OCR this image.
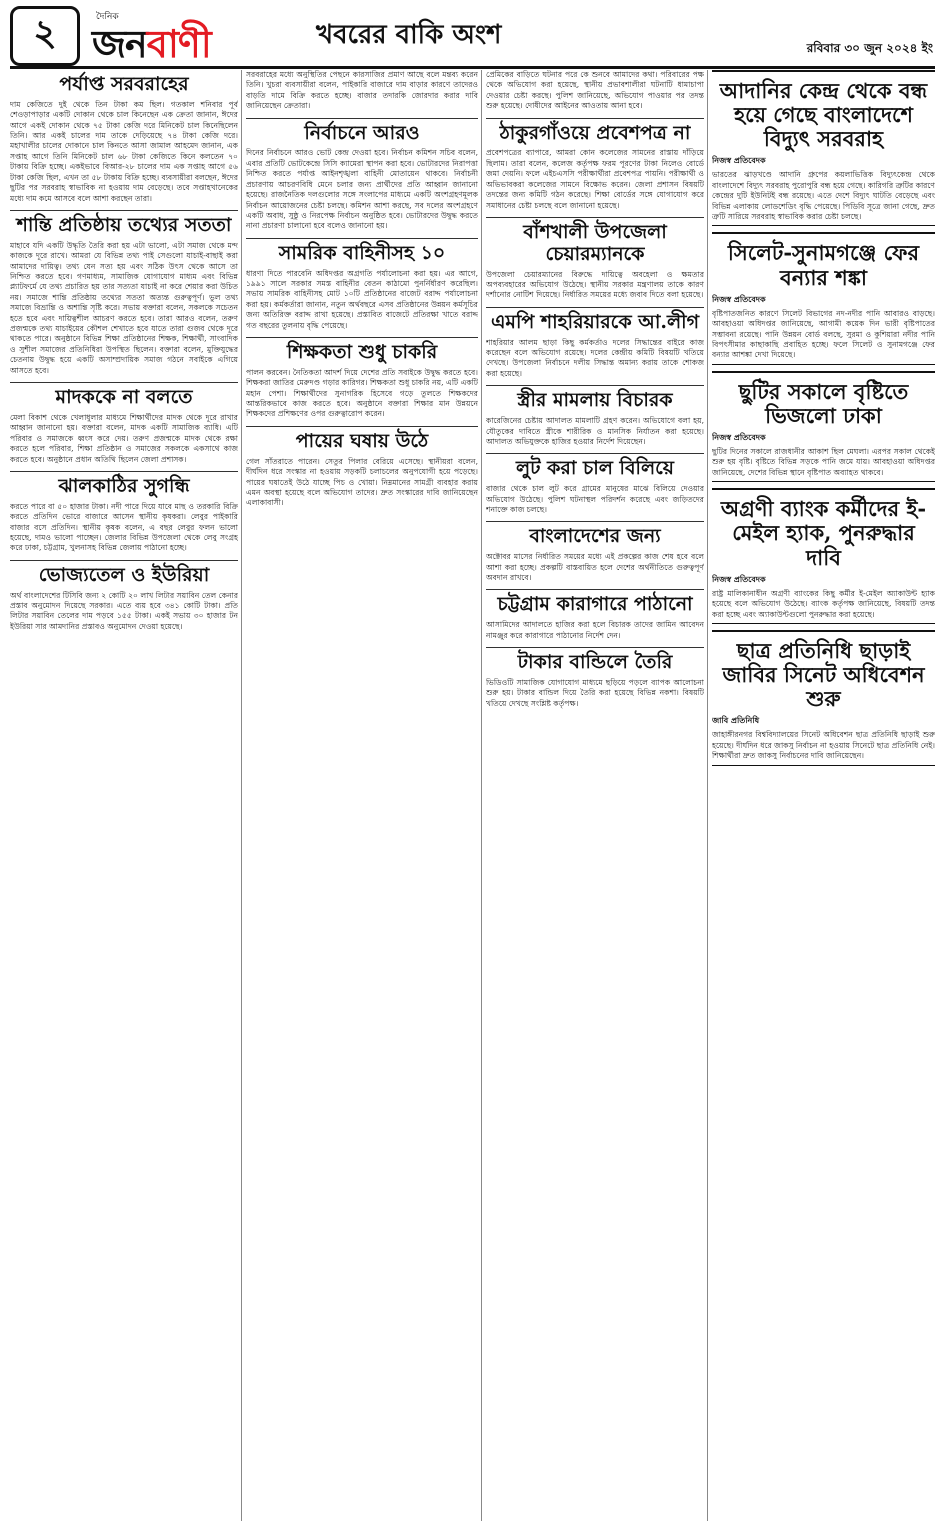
২	দৈনিক
জনবাণী	খবরের বাকি অংশ	রবিবার ৩০ জুন ২০২৪ ইং
পর্যাপ্ত সরবরাহের
দাম কেজিতে দুই থেকে তিন টাকা কম ছিল। গতকাল শনিবার পূর্ব শেওড়াপাড়ার একটি দোকান থেকে চাল কিনেছেন এক ক্রেতা জানান, ঈদের আগে একই দোকান থেকে ৭৫ টাকা কেজি দরে মিনিকেট চাল কিনেছিলেন তিনি। আর একই চালের দাম তাকে দেড়িয়েছে ৭৪ টাকা কেজি দরে। মহাখালীর চালের দোকানে চাল কিনতে আসা জামাল আহমেদ জানান, এক সপ্তাহ আগে তিনি মিনিকেট চাল ৬৮ টাকা কেজিতে কিনে কলতেন ৭০ টাকায় বিক্রি হচ্ছে। একইভাবে বিআর-২৮ চালের দাম এক সপ্তাহ আগে ৫৬ টাকা কেজি ছিল, এখন তা ৫৮ টাকায় বিক্রি হচ্ছে। ব্যবসায়ীরা বলছেন, ঈদের ছুটির পর সরবরাহ স্বাভাবিক না হওয়ায় দাম বেড়েছে। তবে সপ্তাহখানেকের মধ্যে দাম কমে আসবে বলে আশা করছেন তারা।
শান্তি প্রতিষ্ঠায় তথ্যের সততা
মাহাবে যদি একটি উদ্ধৃতি তৈরি করা হয় এটা ভালো, এটা সমাজ থেকে মন্দ কাজকে দূরে রাখে। আমরা যে বিভিন্ন তথ্য পাই সেগুলো যাচাই-বাছাই করা আমাদের দায়িত্ব। তথ্য যেন সত্য হয় এবং সঠিক উৎস থেকে আসে তা নিশ্চিত করতে হবে। গণমাধ্যম, সামাজিক যোগাযোগ মাধ্যম এবং বিভিন্ন প্ল্যাটফর্মে যে তথ্য প্রচারিত হয় তার সত্যতা যাচাই না করে শেয়ার করা উচিত নয়। সমাজে শান্তি প্রতিষ্ঠায় তথ্যের সততা অত্যন্ত গুরুত্বপূর্ণ। ভুল তথ্য সমাজে বিভ্রান্তি ও অশান্তি সৃষ্টি করে। সভায় বক্তারা বলেন, সকলকে সচেতন হতে হবে এবং দায়িত্বশীল আচরণ করতে হবে। তারা আরও বলেন, তরুণ প্রজন্মকে তথ্য যাচাইয়ের কৌশল শেখাতে হবে যাতে তারা গুজব থেকে দূরে থাকতে পারে। অনুষ্ঠানে বিভিন্ন শিক্ষা প্রতিষ্ঠানের শিক্ষক, শিক্ষার্থী, সাংবাদিক ও সুশীল সমাজের প্রতিনিধিরা উপস্থিত ছিলেন। বক্তারা বলেন, মুক্তিযুদ্ধের চেতনায় উদ্বুদ্ধ হয়ে একটি অসাম্প্রদায়িক সমাজ গঠনে সবাইকে এগিয়ে আসতে হবে।
মাদককে না বলতে
মেলা বিকাশ থেকে খেলাধুলার মাধ্যমে শিক্ষার্থীদের মাদক থেকে দূরে রাখার আহ্বান জানানো হয়। বক্তারা বলেন, মাদক একটি সামাজিক ব্যাধি। এটি পরিবার ও সমাজকে ধ্বংস করে দেয়। তরুণ প্রজন্মকে মাদক থেকে রক্ষা করতে হলে পরিবার, শিক্ষা প্রতিষ্ঠান ও সমাজের সকলকে একসাথে কাজ করতে হবে। অনুষ্ঠানে প্রধান অতিথি ছিলেন জেলা প্রশাসক।
ঝালকাঠির সুগন্ধি
করতে পারে বা ৫০ হাজার টাকা। নদী পারে দিয়ে যাবে মাছ ও তরকারি বিক্রি করতে প্রতিদিন ভোরে বাজারে আসেন স্থানীয় কৃষকরা। লেবুর পাইকারি বাজার বসে প্রতিদিন। স্থানীয় কৃষক বলেন, এ বছর লেবুর ফলন ভালো হয়েছে, দামও ভালো পাচ্ছেন। জেলার বিভিন্ন উপজেলা থেকে লেবু সংগ্রহ করে ঢাকা, চট্টগ্রাম, খুলনাসহ বিভিন্ন জেলায় পাঠানো হচ্ছে।
ভোজ্যতেল ও ইউরিয়া
অর্থ বাংলাদেশের টিসিবি জন্য ২ কোটি ২০ লাখ লিটার সয়াবিন তেল কেনার প্রস্তাব অনুমোদন দিয়েছে সরকার। এতে ব্যয় হবে ৩৪১ কোটি টাকা। প্রতি লিটার সয়াবিন তেলের দাম পড়বে ১৫৫ টাকা। একই সভায় ৩০ হাজার টন ইউরিয়া সার আমদানির প্রস্তাবও অনুমোদন দেওয়া হয়েছে।
সরবরাহের মধ্যে অনুস্থিতির পেছনে কারসাজির প্রমাণ আছে বলে মন্তব্য করেন তিনি। খুচরা ব্যবসায়ীরা বলেন, পাইকারি বাজারে দাম বাড়ার কারণে তাদেরও বাড়তি দামে বিক্রি করতে হচ্ছে। বাজার তদারকি জোরদার করার দাবি জানিয়েছেন ক্রেতারা।
নির্বাচনে আরও
দিনের নির্বাচনে আরও ভোট কেন্দ্র দেওয়া হবে। নির্বাচন কমিশন সচিব বলেন, এবার প্রতিটি ভোটকেন্দ্রে সিসি ক্যামেরা স্থাপন করা হবে। ভোটারদের নিরাপত্তা নিশ্চিত করতে পর্যাপ্ত আইনশৃঙ্খলা বাহিনী মোতায়েন থাকবে। নির্বাচনী প্রচারণায় আচরণবিধি মেনে চলার জন্য প্রার্থীদের প্রতি আহ্বান জানানো হয়েছে। রাজনৈতিক দলগুলোর সঙ্গে সংলাপের মাধ্যমে একটি অংশগ্রহণমূলক নির্বাচন আয়োজনের চেষ্টা চলছে। কমিশন আশা করছে, সব দলের অংশগ্রহণে একটি অবাধ, সুষ্ঠু ও নিরপেক্ষ নির্বাচন অনুষ্ঠিত হবে। ভোটারদের উদ্বুদ্ধ করতে নানা প্রচারণা চালানো হবে বলেও জানানো হয়।
সামরিক বাহিনীসহ ১০
ধারণা দিতে পারবেনি অধিদপ্তর অগ্রগতি পর্যালোচনা করা হয়। এর আগে, ১৯৯১ সালে সরকার সমস্ত বাহিনীর বেতন কাঠামো পুনর্নির্ধারণ করেছিল। সভায় সামরিক বাহিনীসহ মোট ১০টি প্রতিষ্ঠানের বাজেট বরাদ্দ পর্যালোচনা করা হয়। কর্মকর্তারা জানান, নতুন অর্থবছরে এসব প্রতিষ্ঠানের উন্নয়ন কর্মসূচির জন্য অতিরিক্ত বরাদ্দ রাখা হয়েছে। প্রস্তাবিত বাজেটে প্রতিরক্ষা খাতে বরাদ্দ গত বছরের তুলনায় বৃদ্ধি পেয়েছে।
শিক্ষকতা শুধু চাকরি
পালন করবেন। নৈতিকতা আদর্শ দিয়ে দেশের প্রতি সবাইকে উদ্বুদ্ধ করতে হবে। শিক্ষকরা জাতির মেরুদণ্ড গড়ার কারিগর। শিক্ষকতা শুধু চাকরি নয়, এটি একটি মহান পেশা। শিক্ষার্থীদের সুনাগরিক হিসেবে গড়ে তুলতে শিক্ষকদের আন্তরিকভাবে কাজ করতে হবে। অনুষ্ঠানে বক্তারা শিক্ষার মান উন্নয়নে শিক্ষকদের প্রশিক্ষণের ওপর গুরুত্বারোপ করেন।
পায়ের ঘষায় উঠে
গেল সাঁতরাতে পারেন। সেতুর পিলার বেরিয়ে এসেছে। স্থানীয়রা বলেন, দীর্ঘদিন ধরে সংস্কার না হওয়ায় সড়কটি চলাচলের অনুপযোগী হয়ে পড়েছে। পায়ের ঘষাতেই উঠে যাচ্ছে পিচ ও খোয়া। নিম্নমানের সামগ্রী ব্যবহার করায় এমন অবস্থা হয়েছে বলে অভিযোগ তাদের। দ্রুত সংস্কারের দাবি জানিয়েছেন এলাকাবাসী।
প্রেমিকের বাড়িতে ঘটনার পরে কে শুনবে আমাদের কথা। পরিবারের পক্ষ থেকে অভিযোগ করা হয়েছে, স্থানীয় প্রভাবশালীরা ঘটনাটি ধামাচাপা দেওয়ার চেষ্টা করছে। পুলিশ জানিয়েছে, অভিযোগ পাওয়ার পর তদন্ত শুরু হয়েছে। দোষীদের আইনের আওতায় আনা হবে।
ঠাকুরগাঁওয়ে প্রবেশপত্র না
প্রবেশপত্রের ব্যাপারে, আমরা কোন কলেজের সামনের রাস্তায় দাঁড়িয়ে ছিলাম। তারা বলেন, কলেজ কর্তৃপক্ষ ফরম পূরণের টাকা নিলেও বোর্ডে জমা দেয়নি। ফলে এইচএসসি পরীক্ষার্থীরা প্রবেশপত্র পায়নি। পরীক্ষার্থী ও অভিভাবকরা কলেজের সামনে বিক্ষোভ করেন। জেলা প্রশাসন বিষয়টি তদন্তের জন্য কমিটি গঠন করেছে। শিক্ষা বোর্ডের সঙ্গে যোগাযোগ করে সমাধানের চেষ্টা চলছে বলে জানানো হয়েছে।
বাঁশখালী উপজেলা চেয়ারম্যানকে
উপজেলা চেয়ারম্যানের বিরুদ্ধে দায়িত্বে অবহেলা ও ক্ষমতার অপব্যবহারের অভিযোগ উঠেছে। স্থানীয় সরকার মন্ত্রণালয় তাকে কারণ দর্শানোর নোটিশ দিয়েছে। নির্ধারিত সময়ের মধ্যে জবাব দিতে বলা হয়েছে।
এমপি শাহরিয়ারকে আ.লীগ
শাহরিয়ার আলম ছাড়া কিছু কর্মকর্তাও দলের সিদ্ধান্তের বাইরে কাজ করেছেন বলে অভিযোগ রয়েছে। দলের কেন্দ্রীয় কমিটি বিষয়টি খতিয়ে দেখছে। উপজেলা নির্বাচনে দলীয় সিদ্ধান্ত অমান্য করায় তাকে শোকজ করা হয়েছে।
স্ত্রীর মামলায় বিচারক
কারেজিনের চেষ্টায় আদালত মামলাটি গ্রহণ করেন। অভিযোগে বলা হয়, যৌতুকের দাবিতে স্ত্রীকে শারীরিক ও মানসিক নির্যাতন করা হয়েছে। আদালত অভিযুক্তকে হাজির হওয়ার নির্দেশ দিয়েছেন।
লুট করা চাল বিলিয়ে
বাজার থেকে চাল লুট করে গ্রামের মানুষের মাঝে বিলিয়ে দেওয়ার অভিযোগ উঠেছে। পুলিশ ঘটনাস্থল পরিদর্শন করেছে এবং জড়িতদের শনাক্তে কাজ চলছে।
বাংলাদেশের জন্য
অক্টোবর মাসের নির্ধারিত সময়ের মধ্যে এই প্রকল্পের কাজ শেষ হবে বলে আশা করা হচ্ছে। প্রকল্পটি বাস্তবায়িত হলে দেশের অর্থনীতিতে গুরুত্বপূর্ণ অবদান রাখবে।
চট্টগ্রাম কারাগারে পাঠানো
আসামিদের আদালতে হাজির করা হলে বিচারক তাদের জামিন আবেদন নামঞ্জুর করে কারাগারে পাঠানোর নির্দেশ দেন।
টাকার বান্ডিলে তৈরি
ভিডিওটি সামাজিক যোগাযোগ মাধ্যমে ছড়িয়ে পড়লে ব্যাপক আলোচনা শুরু হয়। টাকার বান্ডিল দিয়ে তৈরি করা হয়েছে বিভিন্ন নকশা। বিষয়টি খতিয়ে দেখছে সংশ্লিষ্ট কর্তৃপক্ষ।
আদানির কেন্দ্র থেকে বন্ধ হয়ে গেছে বাংলাদেশে বিদ্যুৎ সরবরাহ
নিজস্ব প্রতিবেদক
ভারতের ঝাড়খণ্ডে আদানি গ্রুপের কয়লাভিত্তিক বিদ্যুৎকেন্দ্র থেকে বাংলাদেশে বিদ্যুৎ সরবরাহ পুরোপুরি বন্ধ হয়ে গেছে। কারিগরি ত্রুটির কারণে কেন্দ্রের দুটি ইউনিটই বন্ধ রয়েছে। এতে দেশে বিদ্যুৎ ঘাটতি বেড়েছে এবং বিভিন্ন এলাকায় লোডশেডিং বৃদ্ধি পেয়েছে। পিডিবি সূত্রে জানা গেছে, দ্রুত ত্রুটি সারিয়ে সরবরাহ স্বাভাবিক করার চেষ্টা চলছে।
সিলেট-সুনামগঞ্জে ফের বন্যার শঙ্কা
নিজস্ব প্রতিবেদক
বৃষ্টিপাতজনিত কারণে সিলেট বিভাগের নদ-নদীর পানি আবারও বাড়ছে। আবহাওয়া অধিদপ্তর জানিয়েছে, আগামী কয়েক দিন ভারী বৃষ্টিপাতের সম্ভাবনা রয়েছে। পানি উন্নয়ন বোর্ড বলছে, সুরমা ও কুশিয়ারা নদীর পানি বিপৎসীমার কাছাকাছি প্রবাহিত হচ্ছে। ফলে সিলেট ও সুনামগঞ্জে ফের বন্যার আশঙ্কা দেখা দিয়েছে।
ছুটির সকালে বৃষ্টিতে ভিজলো ঢাকা
নিজস্ব প্রতিবেদক
ছুটির দিনের সকালে রাজধানীর আকাশ ছিল মেঘলা। এরপর সকাল থেকেই শুরু হয় বৃষ্টি। বৃষ্টিতে বিভিন্ন সড়কে পানি জমে যায়। আবহাওয়া অধিদপ্তর জানিয়েছে, দেশের বিভিন্ন স্থানে বৃষ্টিপাত অব্যাহত থাকবে।
অগ্রণী ব্যাংক কর্মীদের ই-মেইল হ্যাক, পুনরুদ্ধার দাবি
নিজস্ব প্রতিবেদক
রাষ্ট্র মালিকানাধীন অগ্রণী ব্যাংকের কিছু কর্মীর ই-মেইল অ্যাকাউন্ট হ্যাক হয়েছে বলে অভিযোগ উঠেছে। ব্যাংক কর্তৃপক্ষ জানিয়েছে, বিষয়টি তদন্ত করা হচ্ছে এবং অ্যাকাউন্টগুলো পুনরুদ্ধার করা হয়েছে।
ছাত্র প্রতিনিধি ছাড়াই জাবির সিনেট অধিবেশন শুরু
জাবি প্রতিনিধি
জাহাঙ্গীরনগর বিশ্ববিদ্যালয়ের সিনেট অধিবেশন ছাত্র প্রতিনিধি ছাড়াই শুরু হয়েছে। দীর্ঘদিন ধরে জাকসু নির্বাচন না হওয়ায় সিনেটে ছাত্র প্রতিনিধি নেই। শিক্ষার্থীরা দ্রুত জাকসু নির্বাচনের দাবি জানিয়েছেন।
